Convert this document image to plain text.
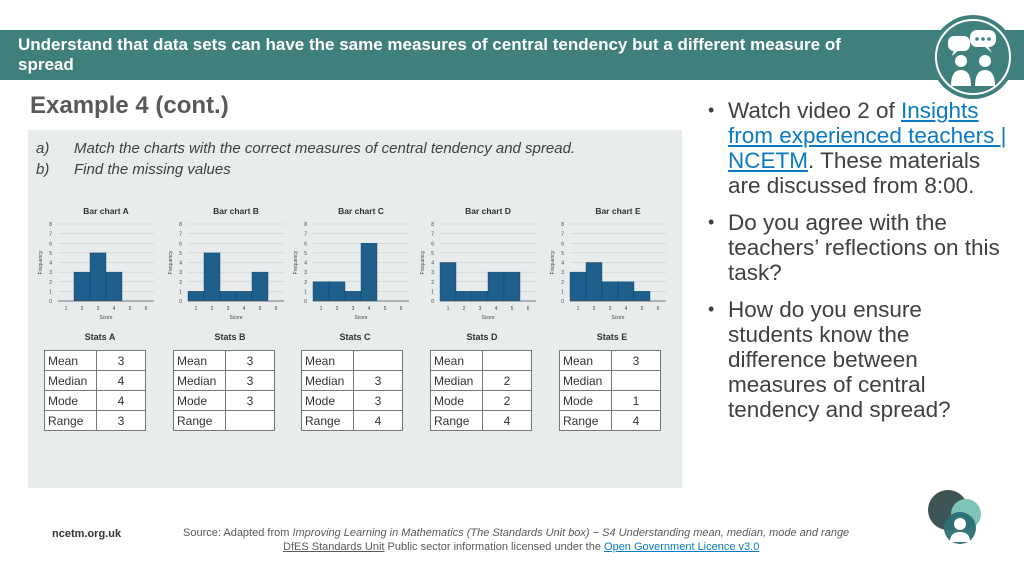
Understand that data sets can have the same measures of central tendency but a different measure of spread
Example 4 (cont.)
a) Match the charts with the correct measures of central tendency and spread.
b) Find the missing values
Bar chart A
0
1
2
3
4
5
6
7
8
1	2	3	4	5	6
Score
Frequency
Bar chart B
0
1
2
3
4
5
6
7
8
1	2	3	4	5	6
Score
Frequency
Bar chart C
0
1
2
3
4
5
6
7
8
1	2	3	4	5	6
Score
Frequency
Bar chart D
0
1
2
3
4
5
6
7
8
1	2	3	4	5	6
Score
Frequency
Bar chart E
0
1
2
3
4
5
6
7
8
1	2	3	4	5	6
Score
Frequency
Stats A
Mean	3
Median	4
Mode	4
Range	3
Stats B
Mean	3
Median	3
Mode	3
Range	
Stats C
Mean	
Median	3
Mode	3
Range	4
Stats D
Mean	
Median	2
Mode	2
Range	4
Stats E
Mean	3
Median	
Mode	1
Range	4
• Watch video 2 of Insights from experienced teachers | NCETM. These materials are discussed from 8:00.
• Do you agree with the teachers’ reflections on this task?
• How do you ensure students know the difference between measures of central tendency and spread?
ncetm.org.uk	Source: Adapted from Improving Learning in Mathematics (The Standards Unit box) − S4 Understanding mean, median, mode and range
DfES Standards Unit Public sector information licensed under the Open Government Licence v3.0
